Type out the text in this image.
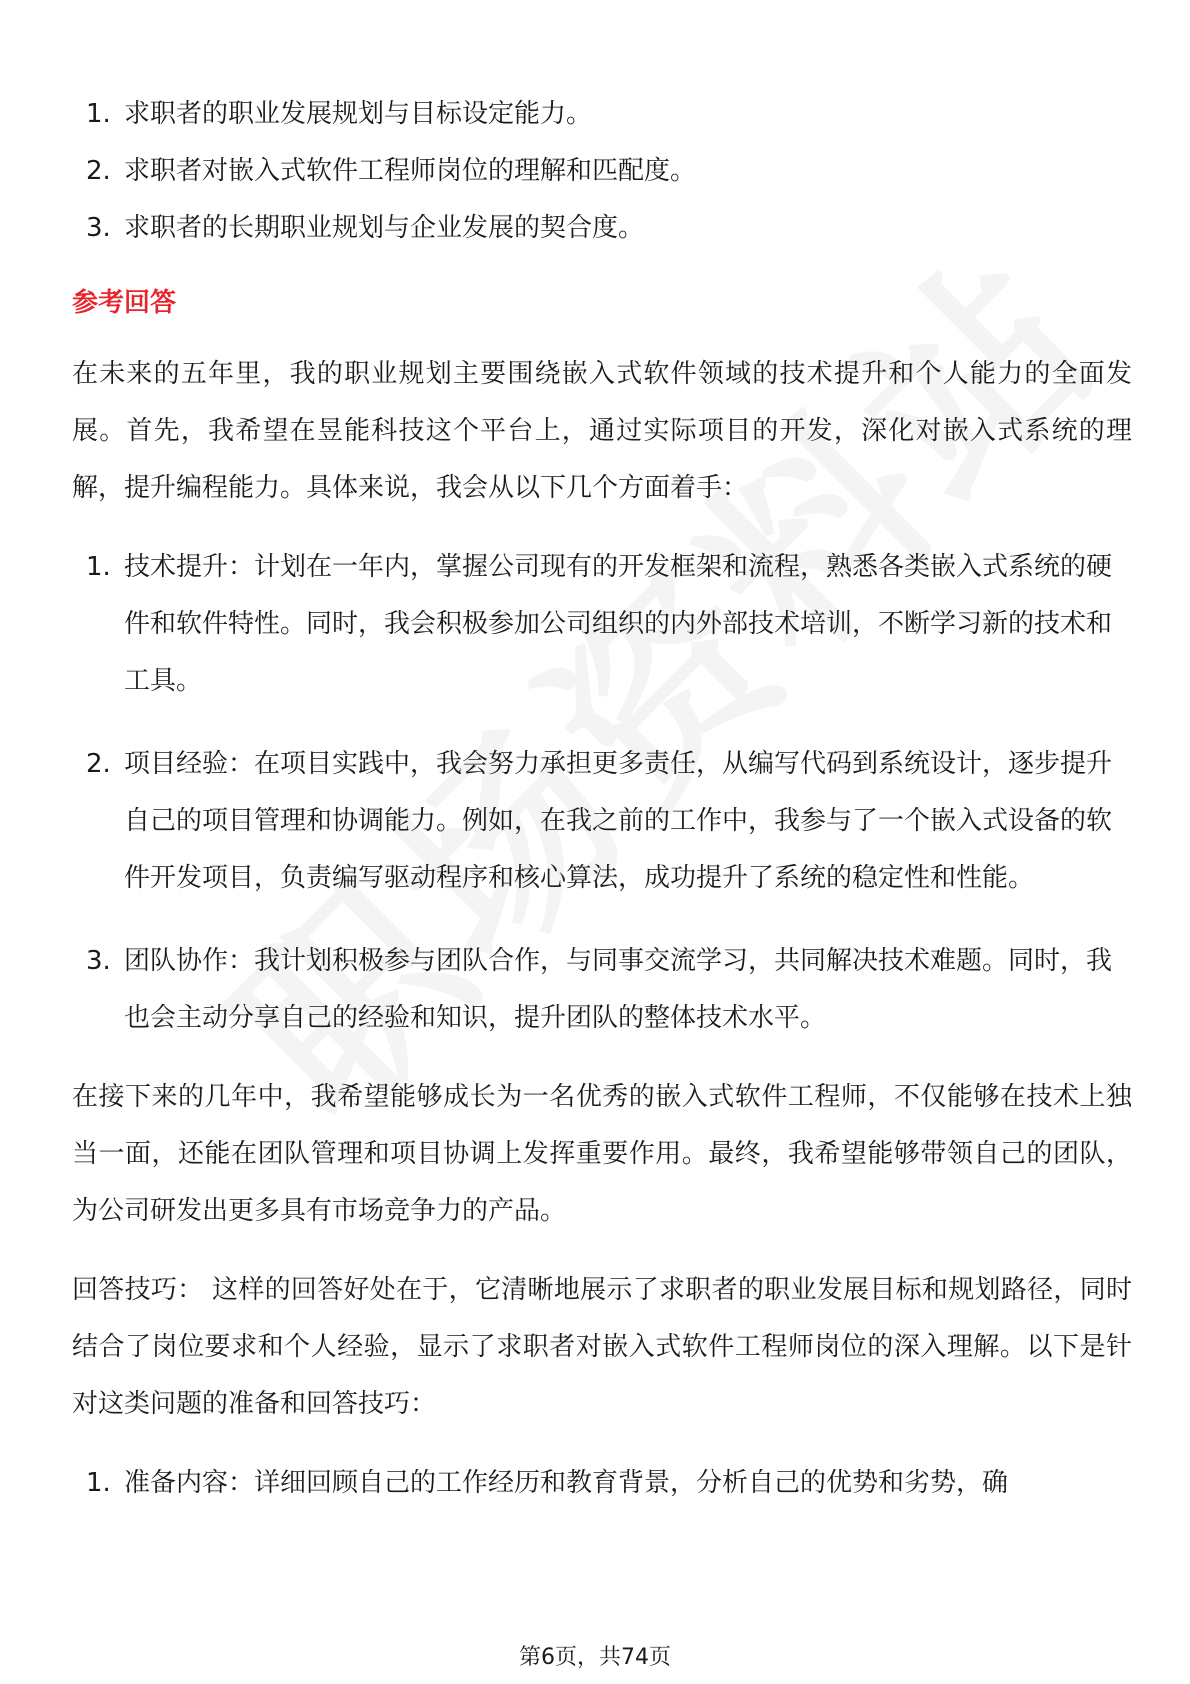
1. 求职者的职业发展规划与目标设定能力。
2. 求职者对嵌入式软件工程师岗位的理解和匹配度。
3. 求职者的长期职业规划与企业发展的契合度。
参考回答

在未来的五年里，我的职业规划主要围绕嵌入式软件领域的技术提升和个人能力的全面发展。首先，我希望在昱能科技这个平台上，通过实际项目的开发，深化对嵌入式系统的理解，提升编程能力。具体来说，我会从以下几个方面着手：

1. 技术提升：计划在一年内，掌握公司现有的开发框架和流程，熟悉各类嵌入式系统的硬件和软件特性。同时，我会积极参加公司组织的内外部技术培训，不断学习新的技术和工具。
2. 项目经验：在项目实践中，我会努力承担更多责任，从编写代码到系统设计，逐步提升自己的项目管理和协调能力。例如，在我之前的工作中，我参与了一个嵌入式设备的软件开发项目，负责编写驱动程序和核心算法，成功提升了系统的稳定性和性能。
3. 团队协作：我计划积极参与团队合作，与同事交流学习，共同解决技术难题。同时，我也会主动分享自己的经验和知识，提升团队的整体技术水平。

在接下来的几年中，我希望能够成长为一名优秀的嵌入式软件工程师，不仅能够在技术上独当一面，还能在团队管理和项目协调上发挥重要作用。最终，我希望能够带领自己的团队，为公司研发出更多具有市场竞争力的产品。

回答技巧： 这样的回答好处在于，它清晰地展示了求职者的职业发展目标和规划路径，同时结合了岗位要求和个人经验，显示了求职者对嵌入式软件工程师岗位的深入理解。以下是针对这类问题的准备和回答技巧：

1. 准备内容：详细回顾自己的工作经历和教育背景，分析自己的优势和劣势，确
第6页，共74页
